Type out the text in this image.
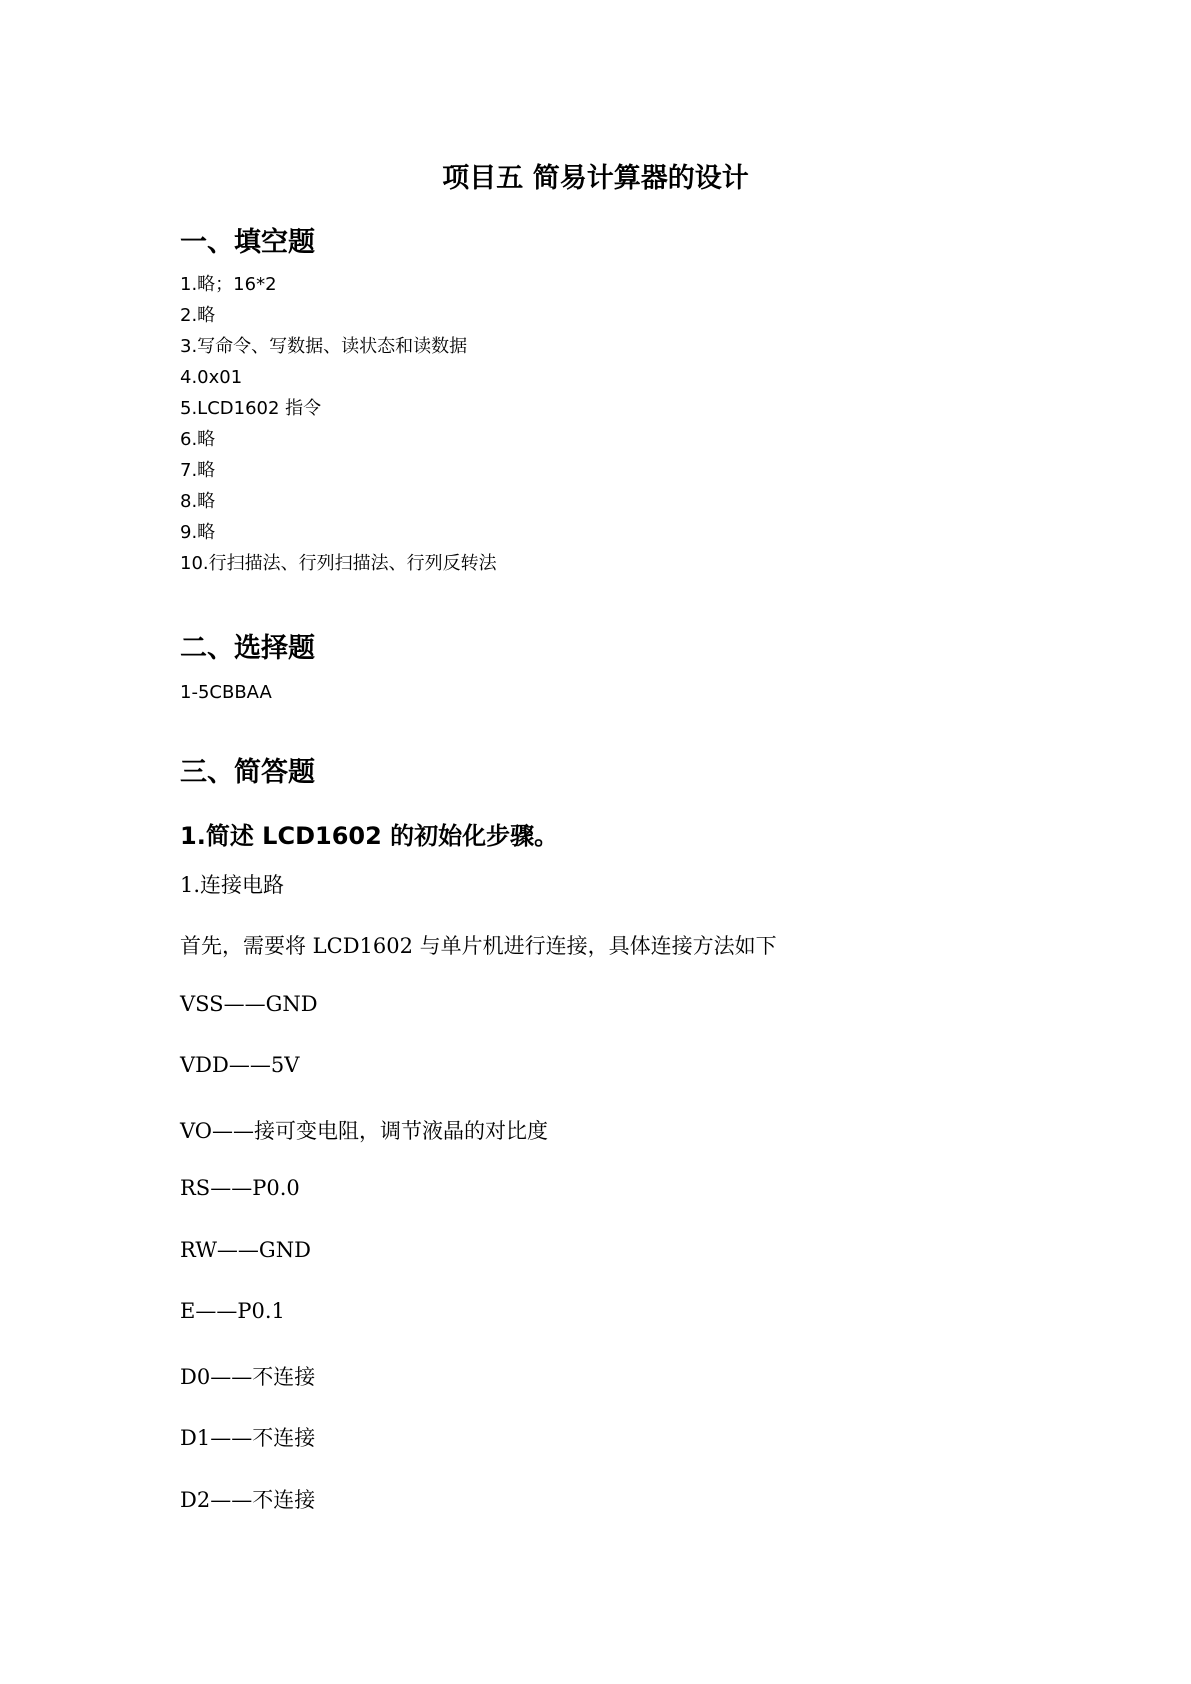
项目五 简易计算器的设计
一、填空题
1.略；16*2
2.略
3.写命令、写数据、读状态和读数据
4.0x01
5.LCD1602 指令
6.略
7.略
8.略
9.略
10.行扫描法、行列扫描法、行列反转法
二、选择题

1-5CBBAA

三、简答题
1.简述 LCD1602 的初始化步骤。

1.连接电路

首先，需要将 LCD1602 与单片机进行连接，具体连接方法如下

VSS——GND

VDD——5V

VO——接可变电阻，调节液晶的对比度

RS——P0.0

RW——GND

E——P0.1

D0——不连接

D1——不连接

D2——不连接
